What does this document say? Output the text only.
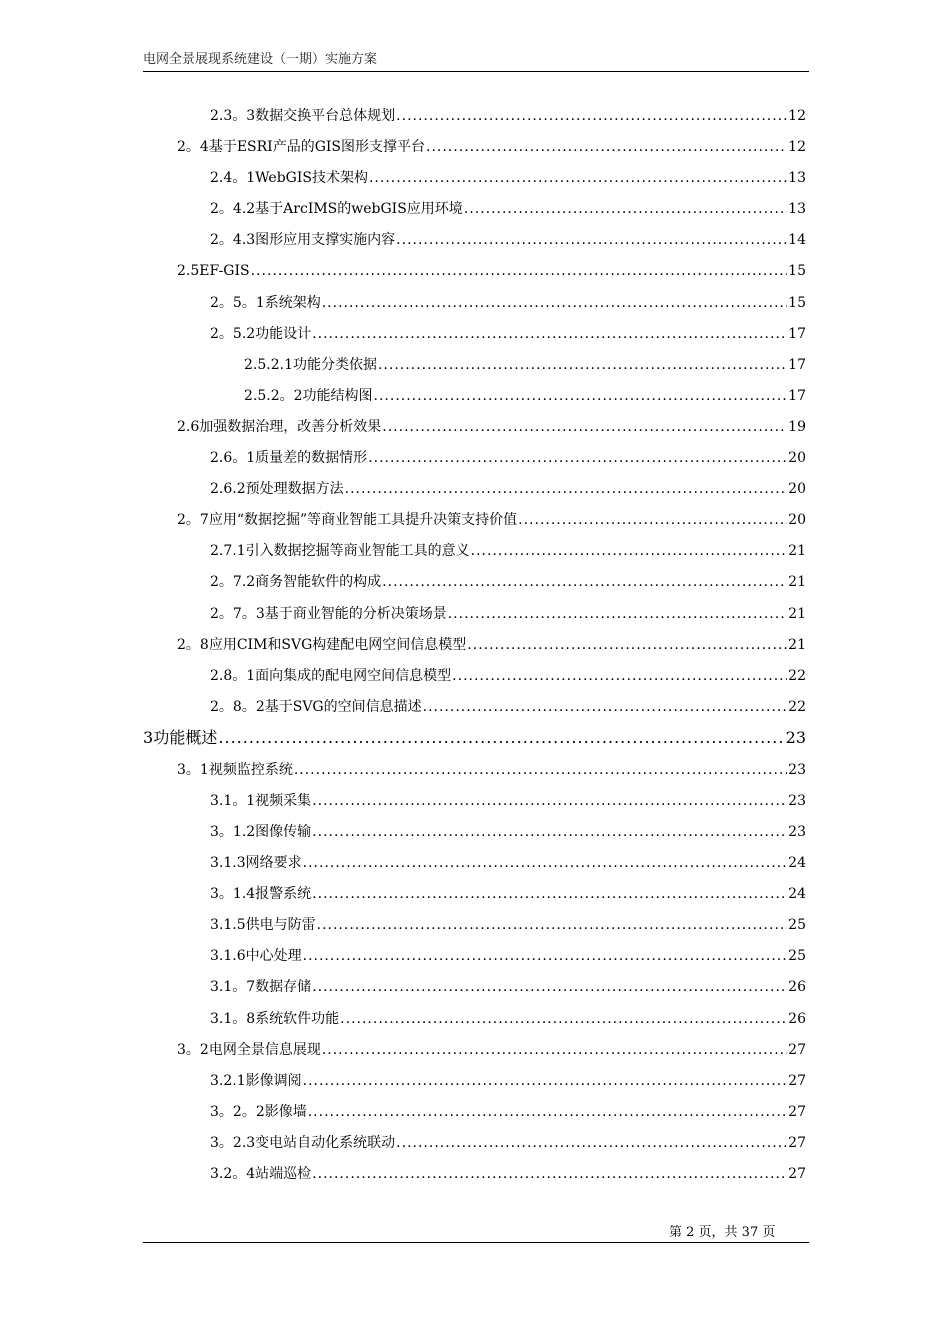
电网全景展现系统建设（一期）实施方案
2.3。3 数据交换平台总体规划 .....	12
2。4 基于ESRI产品的GIS图形支撑平台 .....	12
2.4。1 WebGIS技术架构 .....	13
2。4.2 基于ArcIMS的webGIS应用环境 .....	13
2。4.3 图形应用支撑实施内容 .....	14
2.5 EF-GIS .....	15
2。5。1 系统架构 .....	15
2。5.2 功能设计 .....	17
2.5.2.1 功能分类依据 .....	17
2.5.2。2 功能结构图 .....	17
2.6 加强数据治理，改善分析效果 .....	19
2.6。1 质量差的数据情形 .....	20
2.6.2 预处理数据方法 .....	20
2。7 应用“数据挖掘”等商业智能工具提升决策支持价值 .....	20
2.7.1 引入数据挖掘等商业智能工具的意义 .....	21
2。7.2 商务智能软件的构成 .....	21
2。7。3 基于商业智能的分析决策场景 .....	21
2。8 应用CIM和SVG构建配电网空间信息模型 .....	21
2.8。1 面向集成的配电网空间信息模型 .....	22
2。8。2 基于SVG的空间信息描述 .....	22
3 功能概述 .....	23
3。1 视频监控系统 .....	23
3.1。1 视频采集 .....	23
3。1.2 图像传输 .....	23
3.1.3 网络要求 .....	24
3。1.4 报警系统 .....	24
3.1.5 供电与防雷 .....	25
3.1.6 中心处理 .....	25
3.1。7 数据存储 .....	26
3.1。8 系统软件功能 .....	26
3。2 电网全景信息展现 .....	27
3.2.1 影像调阅 .....	27
3。2。2 影像墙 .....	27
3。2.3 变电站自动化系统联动 .....	27
3.2。4 站端巡检 .....	27
第 2 页，共 37 页
